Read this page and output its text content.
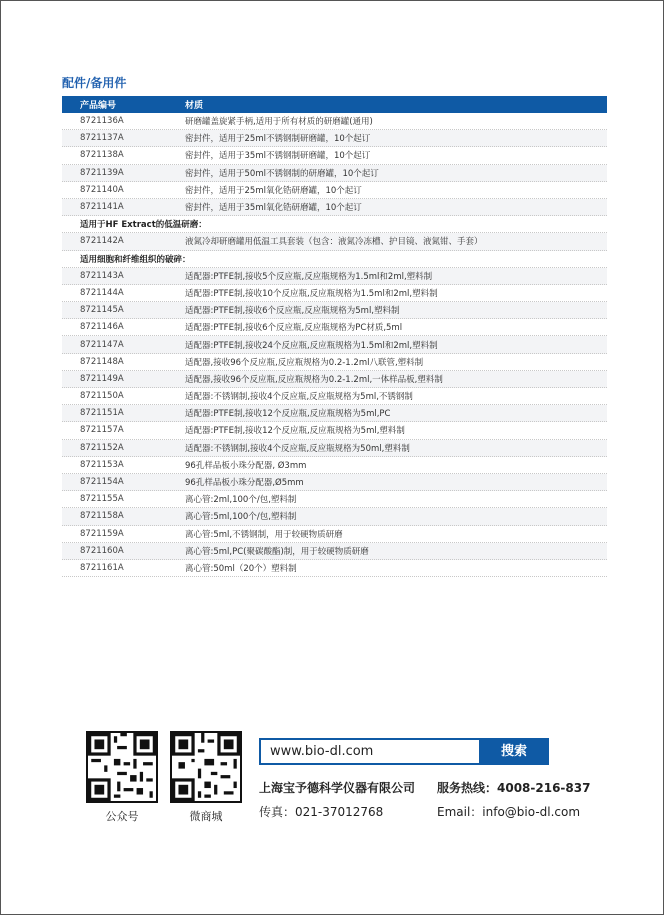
配件/备用件
产品编号	材质
8721136A	研磨罐盖旋紧手柄,适用于所有材质的研磨罐(通用)
8721137A	密封件，适用于25ml不锈钢制研磨罐，10个起订
8721138A	密封件，适用于35ml不锈钢制研磨罐，10个起订
8721139A	密封件，适用于50ml不锈钢制的研磨罐，10个起订
8721140A	密封件，适用于25ml氧化锆研磨罐，10个起订
8721141A	密封件，适用于35ml氧化锆研磨罐，10个起订
适用于HF Extract的低温研磨：
8721142A	液氮冷却研磨罐用低温工具套装（包含：液氮冷冻槽、护目镜、液氮钳、手套）
适用细胞和纤维组织的破碎：
8721143A	适配器:PTFE制,接收5个反应瓶,反应瓶规格为1.5ml和2ml,塑料制
8721144A	适配器:PTFE制,接收10个反应瓶,反应瓶规格为1.5ml和2ml,塑料制
8721145A	适配器:PTFE制,接收6个反应瓶,反应瓶规格为5ml,塑料制
8721146A	适配器:PTFE制,接收6个反应瓶,反应瓶规格为PC材质,5ml
8721147A	适配器:PTFE制,接收24个反应瓶,反应瓶规格为1.5ml和2ml,塑料制
8721148A	适配器,接收96个反应瓶,反应瓶规格为0.2-1.2ml八联管,塑料制
8721149A	适配器,接收96个反应瓶,反应瓶规格为0.2-1.2ml,一体样品板,塑料制
8721150A	适配器:不锈钢制,接收4个反应瓶,反应瓶规格为5ml,不锈钢制
8721151A	适配器:PTFE制,接收12个反应瓶,反应瓶规格为5ml,PC
8721157A	适配器:PTFE制,接收12个反应瓶,反应瓶规格为5ml,塑料制
8721152A	适配器:不锈钢制,接收4个反应瓶,反应瓶规格为50ml,塑料制
8721153A	96孔样品板小珠分配器, Ø3mm
8721154A	96孔样品板小珠分配器,Ø5mm
8721155A	离心管:2ml,100个/包,塑料制
8721158A	离心管:5ml,100个/包,塑料制
8721159A	离心管:5ml,不锈钢制，用于较硬物质研磨
8721160A	离心管:5ml,PC(聚碳酸酯)制，用于较硬物质研磨
8721161A	离心管:50ml（20个）塑料制
公众号	微商城
www.bio-dl.com	搜索
上海宝予德科学仪器有限公司 服务热线：4008-216-837
传真：021-37012768	Email：info@bio-dl.com
